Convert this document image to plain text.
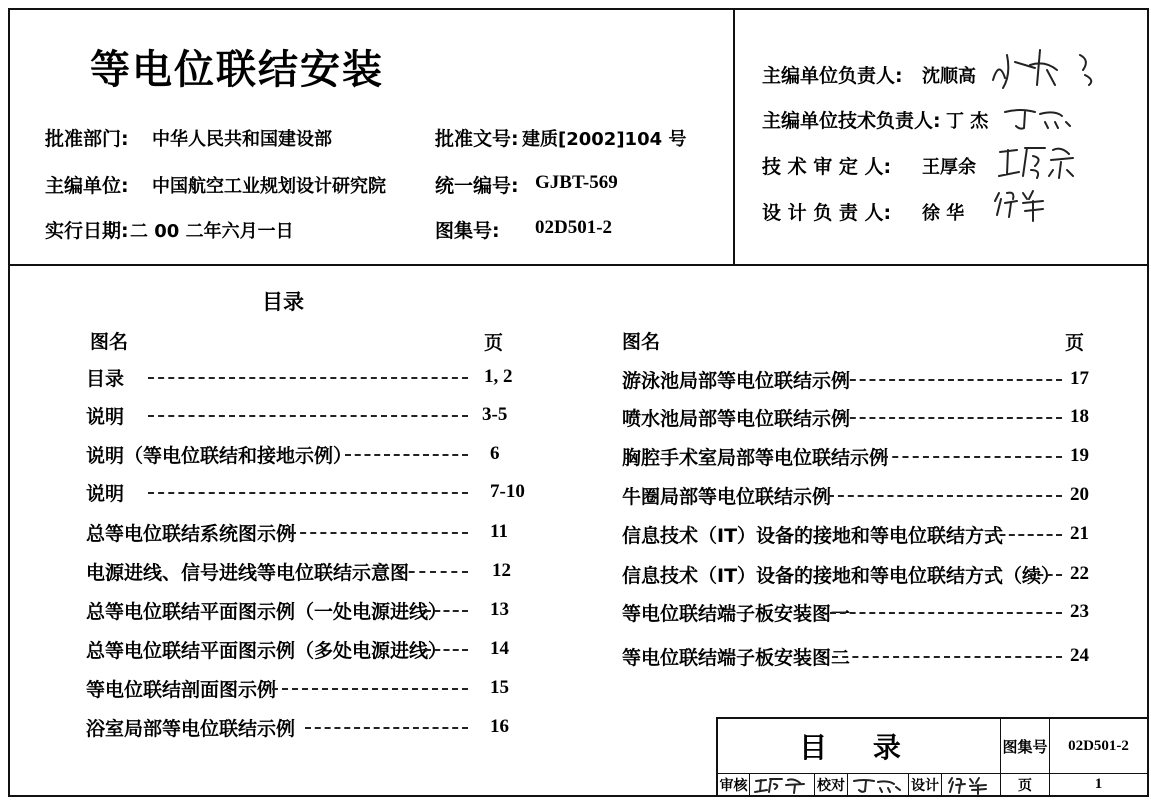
等电位联结安装
批准部门: 中华人民共和国建设部
主编单位: 中国航空工业规划设计研究院
实行日期: 二 00 二年六月一日
批准文号: 建质[2002]104 号
统一编号: GJBT-569
图集号: 02D501-2
主编单位负责人: 沈顺高
主编单位技术负责人: 丁 杰
技 术 审 定 人: 王厚余
设 计 负 责 人: 徐 华
目录
图名	页	图名	页
目录	1, 2
说明	3-5
说明（等电位联结和接地示例）	6
说明	7-10
总等电位联结系统图示例	11
电源进线、信号进线等电位联结示意图	12
总等电位联结平面图示例（一处电源进线） 13
总等电位联结平面图示例（多处电源进线） 14
等电位联结剖面图示例	15
浴室局部等电位联结示例	16
游泳池局部等电位联结示例	17
喷水池局部等电位联结示例	18
胸腔手术室局部等电位联结示例	19
牛圈局部等电位联结示例	20
信息技术（IT）设备的接地和等电位联结方式	21
信息技术（IT）设备的接地和等电位联结方式（续） 22
等电位联结端子板安装图一	23
等电位联结端子板安装图二	24
目 录	图集号	02D501-2
审核	校对	设计	页	1
